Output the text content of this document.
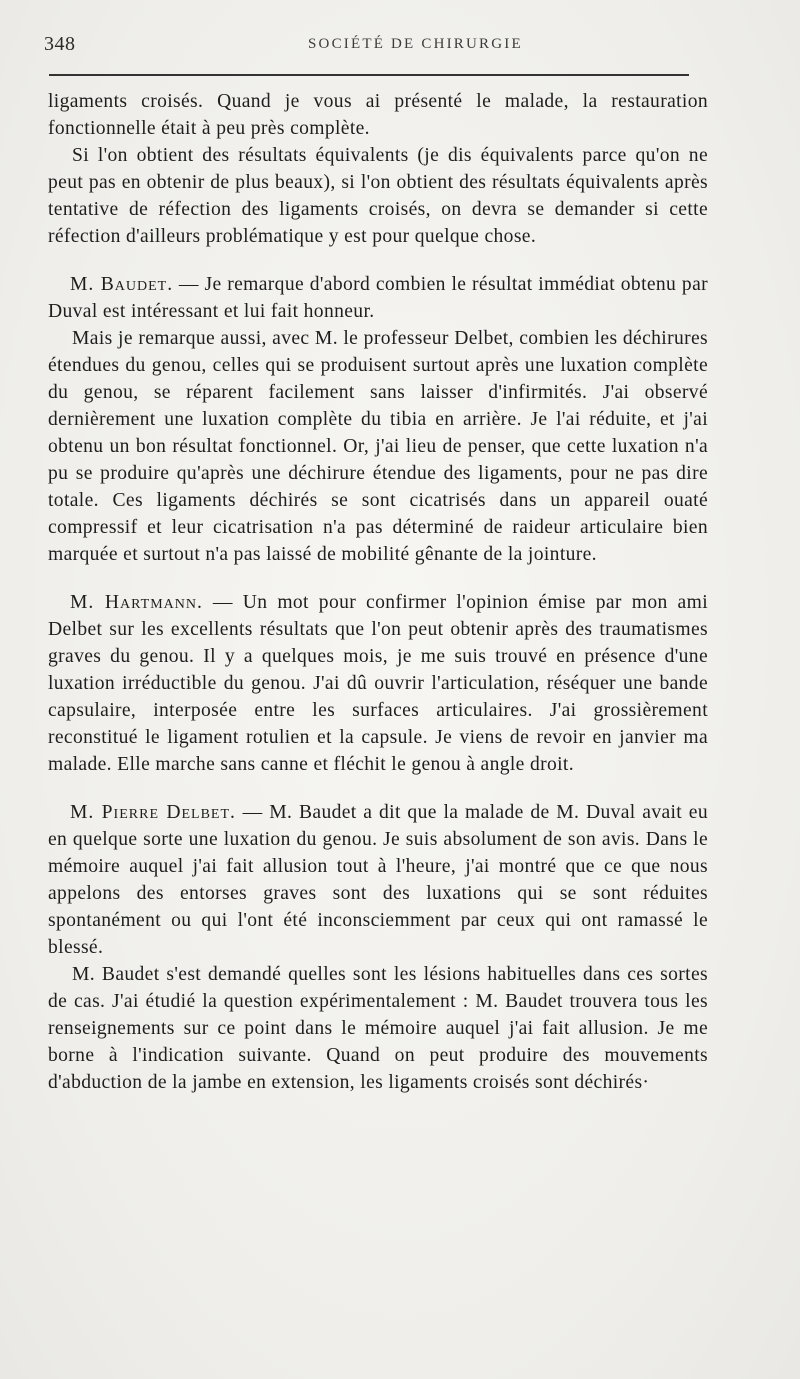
348	SOCIÉTÉ DE CHIRURGIE

ligaments croisés. Quand je vous ai présenté le malade, la restauration fonctionnelle était à peu près complète.

Si l'on obtient des résultats équivalents (je dis équivalents parce qu'on ne peut pas en obtenir de plus beaux), si l'on obtient des résultats équivalents après tentative de réfection des ligaments croisés, on devra se demander si cette réfection d'ailleurs problématique y est pour quelque chose.

M. Baudet. — Je remarque d'abord combien le résultat immédiat obtenu par Duval est intéressant et lui fait honneur.

Mais je remarque aussi, avec M. le professeur Delbet, combien les déchirures étendues du genou, celles qui se produisent surtout après une luxation complète du genou, se réparent facilement sans laisser d'infirmités. J'ai observé dernièrement une luxation complète du tibia en arrière. Je l'ai réduite, et j'ai obtenu un bon résultat fonctionnel. Or, j'ai lieu de penser, que cette luxation n'a pu se produire qu'après une déchirure étendue des ligaments, pour ne pas dire totale. Ces ligaments déchirés se sont cicatrisés dans un appareil ouaté compressif et leur cicatrisation n'a pas déterminé de raideur articulaire bien marquée et surtout n'a pas laissé de mobilité gênante de la jointure.

M. Hartmann. — Un mot pour confirmer l'opinion émise par mon ami Delbet sur les excellents résultats que l'on peut obtenir après des traumatismes graves du genou. Il y a quelques mois, je me suis trouvé en présence d'une luxation irréductible du genou. J'ai dû ouvrir l'articulation, réséquer une bande capsulaire, interposée entre les surfaces articulaires. J'ai grossièrement reconstitué le ligament rotulien et la capsule. Je viens de revoir en janvier ma malade. Elle marche sans canne et fléchit le genou à angle droit.

M. Pierre Delbet. — M. Baudet a dit que la malade de M. Duval avait eu en quelque sorte une luxation du genou. Je suis absolument de son avis. Dans le mémoire auquel j'ai fait allusion tout à l'heure, j'ai montré que ce que nous appelons des entorses graves sont des luxations qui se sont réduites spontanément ou qui l'ont été inconsciemment par ceux qui ont ramassé le blessé.

M. Baudet s'est demandé quelles sont les lésions habituelles dans ces sortes de cas. J'ai étudié la question expérimentalement : M. Baudet trouvera tous les renseignements sur ce point dans le mémoire auquel j'ai fait allusion. Je me borne à l'indication suivante. Quand on peut produire des mouvements d'abduction de la jambe en extension, les ligaments croisés sont déchirés·
